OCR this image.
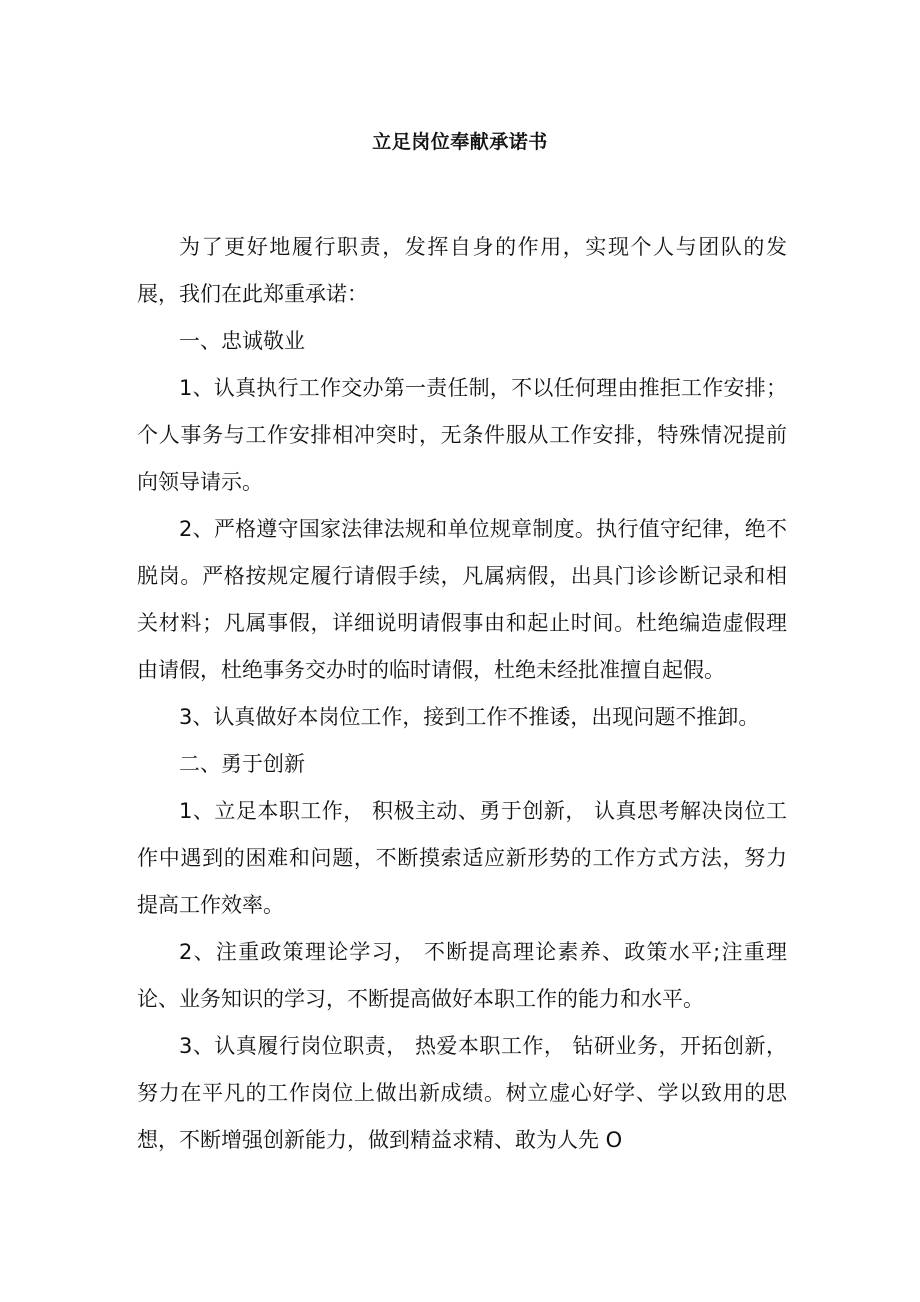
立足岗位奉献承诺书

为了更好地履行职责，发挥自身的作用，实现个人与团队的发展，我们在此郑重承诺：

一、忠诚敬业

1、认真执行工作交办第一责任制，不以任何理由推拒工作安排；个人事务与工作安排相冲突时，无条件服从工作安排，特殊情况提前向领导请示。

2、严格遵守国家法律法规和单位规章制度。执行值守纪律，绝不脱岗。严格按规定履行请假手续，凡属病假，出具门诊诊断记录和相关材料；凡属事假，详细说明请假事由和起止时间。杜绝编造虚假理由请假，杜绝事务交办时的临时请假，杜绝未经批准擅自起假。

3、认真做好本岗位工作，接到工作不推诿，出现问题不推卸。

二、勇于创新

1、立足本职工作， 积极主动、勇于创新， 认真思考解决岗位工作中遇到的困难和问题，不断摸索适应新形势的工作方式方法，努力提高工作效率。

2、注重政策理论学习， 不断提高理论素养、政策水平;注重理论、业务知识的学习，不断提高做好本职工作的能力和水平。

3、认真履行岗位职责， 热爱本职工作， 钻研业务，开拓创新，努力在平凡的工作岗位上做出新成绩。树立虚心好学、学以致用的思想，不断增强创新能力，做到精益求精、敢为人先 O
